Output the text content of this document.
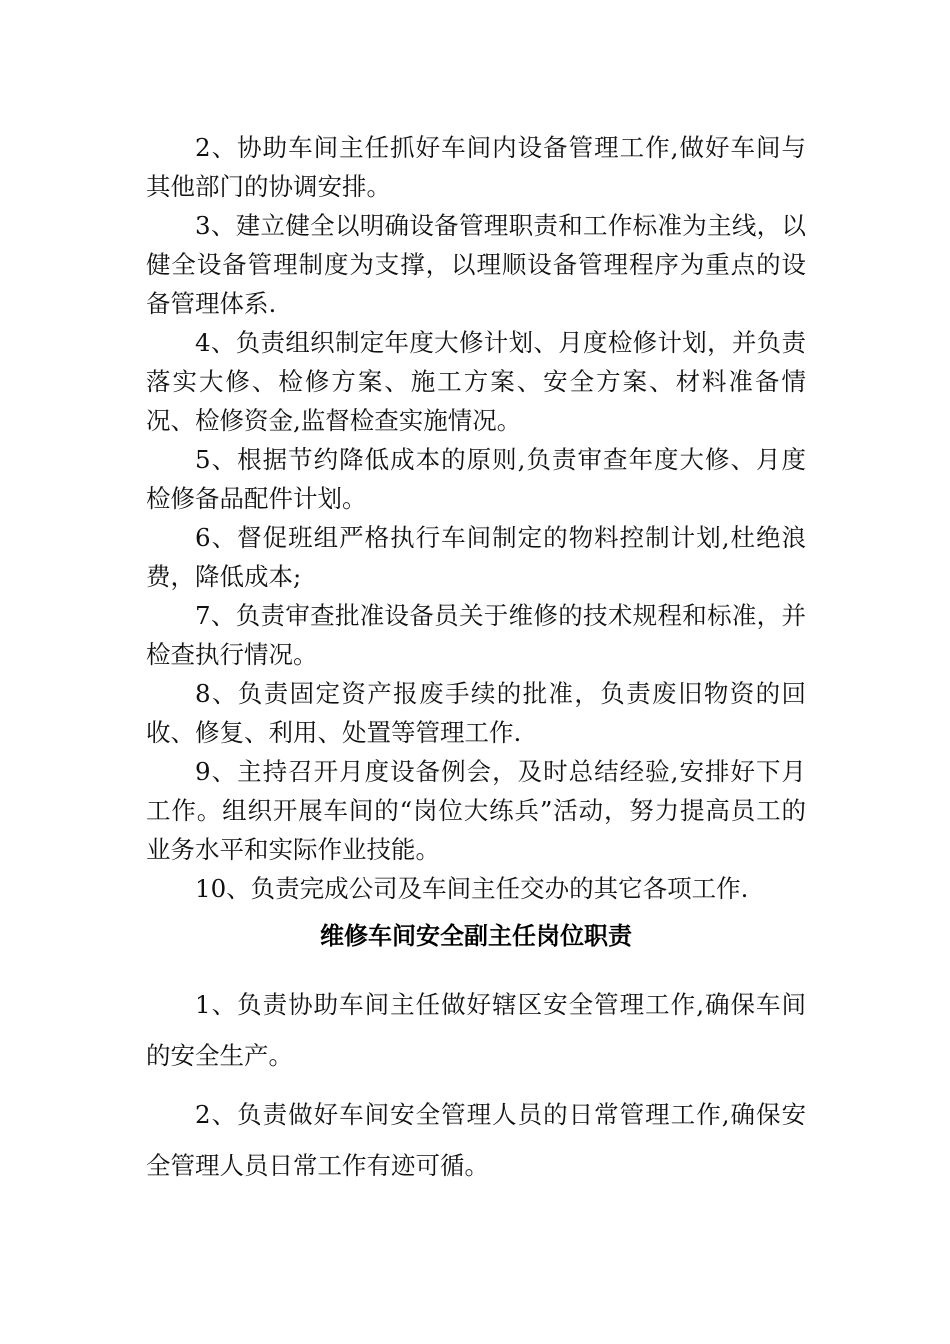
2、协助车间主任抓好车间内设备管理工作,做好车间与其他部门的协调安排。

3、建立健全以明确设备管理职责和工作标准为主线，以健全设备管理制度为支撑，以理顺设备管理程序为重点的设备管理体系.

4、负责组织制定年度大修计划、月度检修计划，并负责落实大修、检修方案、施工方案、安全方案、材料准备情况、检修资金,监督检查实施情况。

5、根据节约降低成本的原则,负责审查年度大修、月度检修备品配件计划。

6、督促班组严格执行车间制定的物料控制计划,杜绝浪费，降低成本;

7、负责审查批准设备员关于维修的技术规程和标准，并检查执行情况。

8、负责固定资产报废手续的批准，负责废旧物资的回收、修复、利用、处置等管理工作.

9、主持召开月度设备例会，及时总结经验,安排好下月工作。组织开展车间的“岗位大练兵”活动，努力提高员工的业务水平和实际作业技能。

10、负责完成公司及车间主任交办的其它各项工作.

维修车间安全副主任岗位职责

1、负责协助车间主任做好辖区安全管理工作,确保车间的安全生产。

2、负责做好车间安全管理人员的日常管理工作,确保安全管理人员日常工作有迹可循。
